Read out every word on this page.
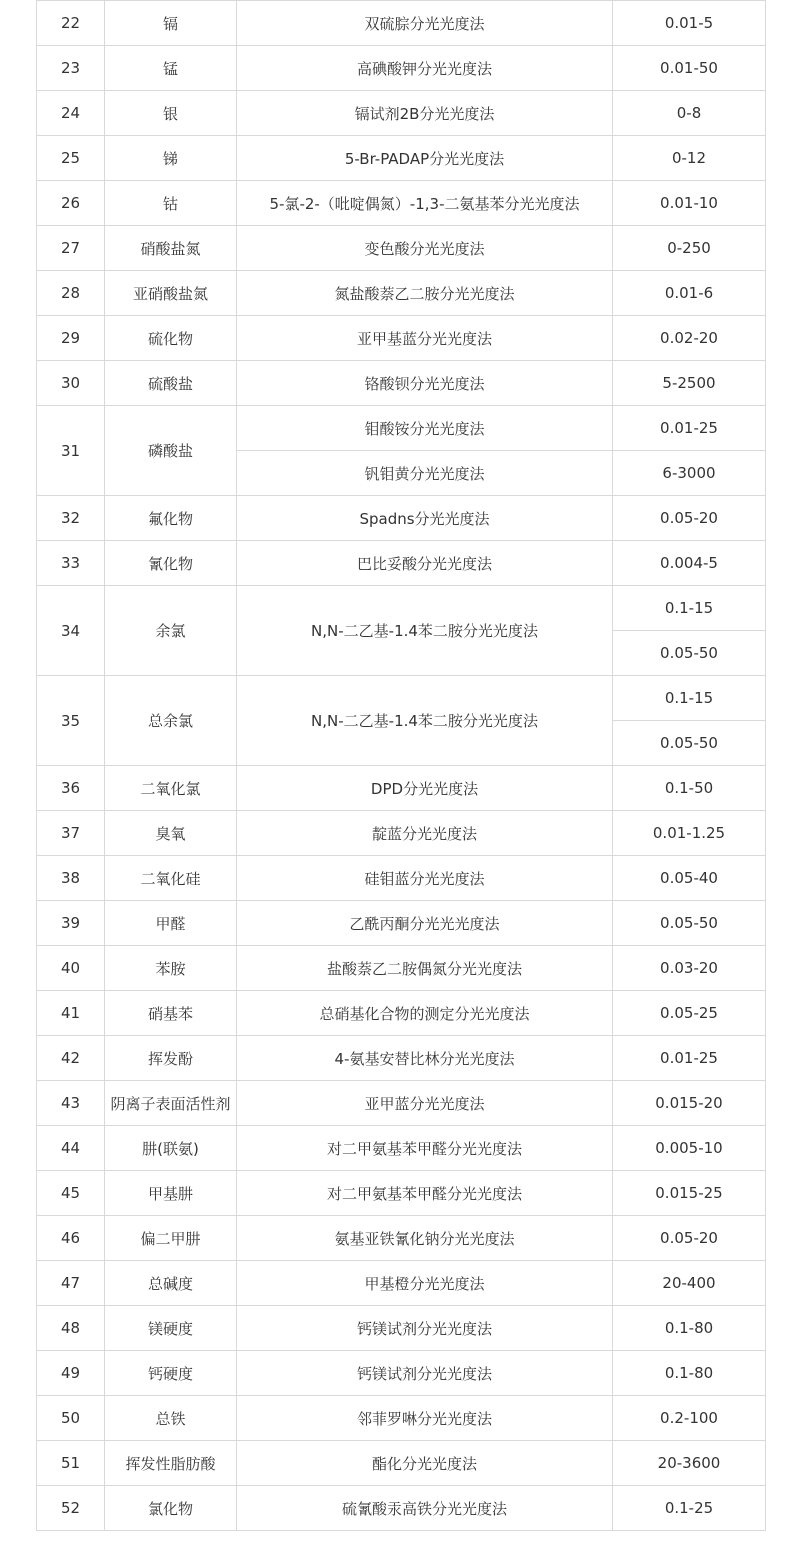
22	镉	双硫腙分光光度法	0.01-5
23	锰	高碘酸钾分光光度法	0.01-50
24	银	镉试剂2B分光光度法	0-8
25	锑	5-Br-PADAP分光光度法	0-12
26	钴	5-氯-2-（吡啶偶氮）-1,3-二氨基苯分光光度法	0.01-10
27	硝酸盐氮	变色酸分光光度法	0-250
28	亚硝酸盐氮	氮盐酸萘乙二胺分光光度法	0.01-6
29	硫化物	亚甲基蓝分光光度法	0.02-20
30	硫酸盐	铬酸钡分光光度法	5-2500
31	磷酸盐	钼酸铵分光光度法	0.01-25
		钒钼黄分光光度法	6-3000
32	氟化物	Spadns分光光度法	0.05-20
33	氰化物	巴比妥酸分光光度法	0.004-5
34	余氯	N,N-二乙基-1.4苯二胺分光光度法	0.1-15
			0.05-50
35	总余氯	N,N-二乙基-1.4苯二胺分光光度法	0.1-15
			0.05-50
36	二氧化氯	DPD分光光度法	0.1-50
37	臭氧	靛蓝分光光度法	0.01-1.25
38	二氧化硅	硅钼蓝分光光度法	0.05-40
39	甲醛	乙酰丙酮分光光光度法	0.05-50
40	苯胺	盐酸萘乙二胺偶氮分光光度法	0.03-20
41	硝基苯	总硝基化合物的测定分光光度法	0.05-25
42	挥发酚	4-氨基安替比林分光光度法	0.01-25
43	阴离子表面活性剂	亚甲蓝分光光度法	0.015-20
44	肼(联氨)	对二甲氨基苯甲醛分光光度法	0.005-10
45	甲基肼	对二甲氨基苯甲醛分光光度法	0.015-25
46	偏二甲肼	氨基亚铁氰化钠分光光度法	0.05-20
47	总碱度	甲基橙分光光度法	20-400
48	镁硬度	钙镁试剂分光光度法	0.1-80
49	钙硬度	钙镁试剂分光光度法	0.1-80
50	总铁	邻菲罗啉分光光度法	0.2-100
51	挥发性脂肪酸	酯化分光光度法	20-3600
52	氯化物	硫氰酸汞高铁分光光度法	0.1-25
